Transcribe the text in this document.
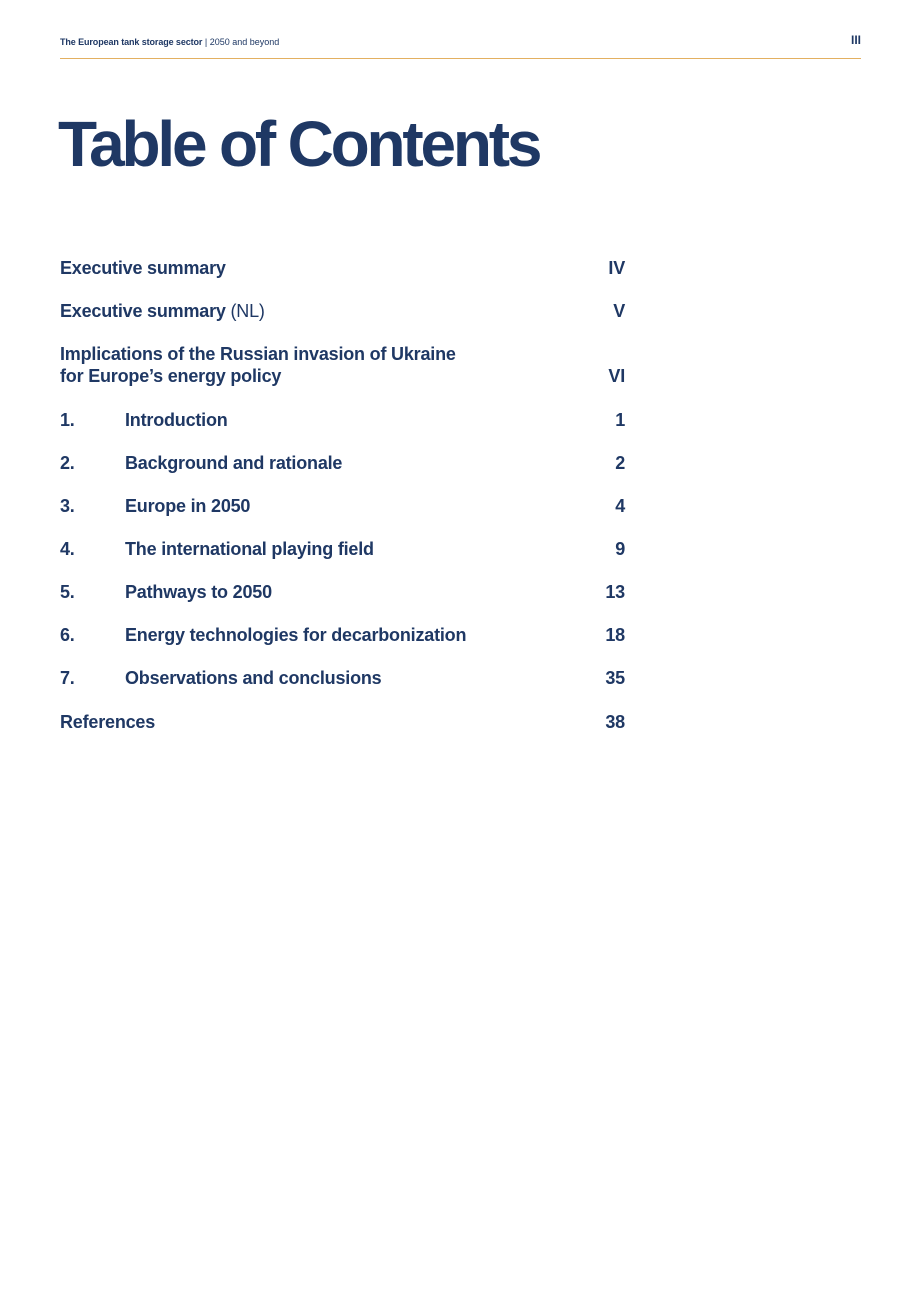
The European tank storage sector | 2050 and beyond	III
Table of Contents
Executive summary	IV
Executive summary (NL)	V
Implications of the Russian invasion of Ukraine
for Europe’s energy policy	VI
1.	Introduction	1
2.	Background and rationale	2
3.	Europe in 2050	4
4.	The international playing field	9
5.	Pathways to 2050	13
6.	Energy technologies for decarbonization	18
7.	Observations and conclusions	35
References	38
